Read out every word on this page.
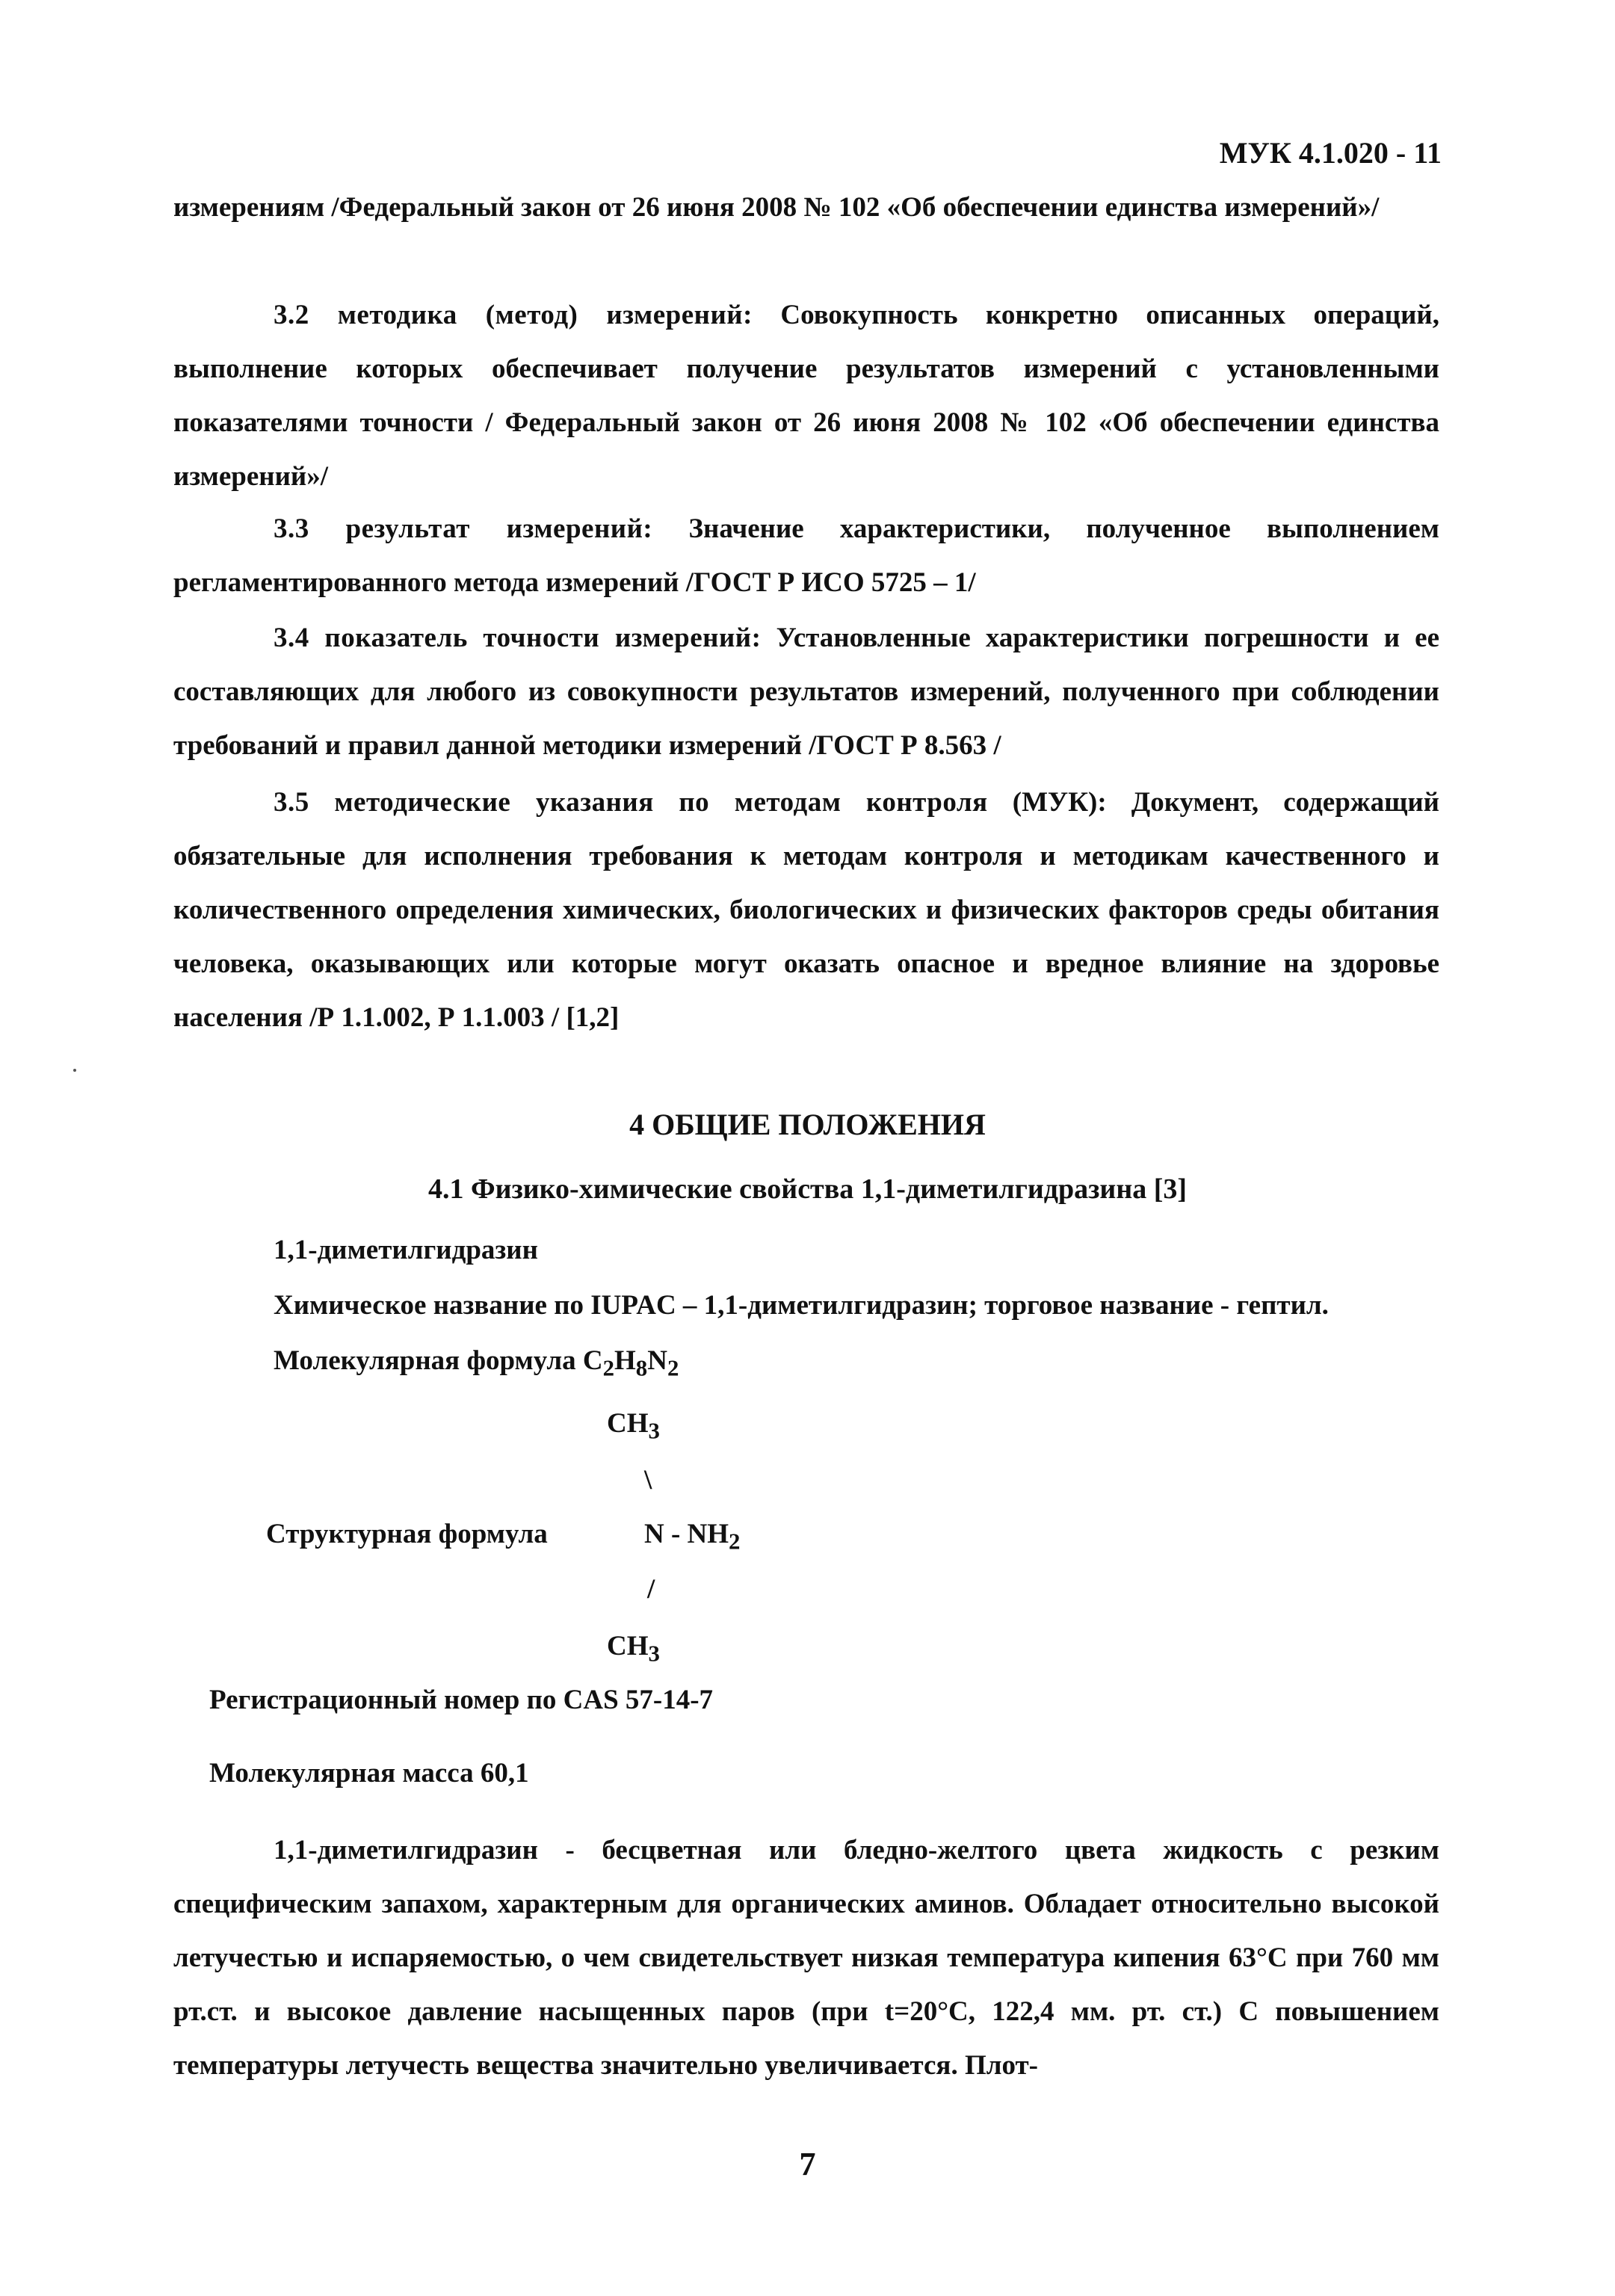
МУК 4.1.020 - 11
измерениям /Федеральный закон от 26 июня 2008 № 102 «Об обеспечении единства измерений»/
3.2 методика (метод) измерений: Совокупность конкретно описанных операций, выполнение которых обеспечивает получение результатов измерений с установленными показателями точности / Федеральный закон от 26 июня 2008 № 102 «Об обеспечении единства измерений»/
3.3 результат измерений: Значение характеристики, полученное выполнением регламентированного метода измерений /ГОСТ Р ИСО 5725 – 1/
3.4 показатель точности измерений: Установленные характеристики погрешности и ее составляющих для любого из совокупности результатов измерений, полученного при соблюдении требований и правил данной методики измерений /ГОСТ Р 8.563 /
3.5 методические указания по методам контроля (МУК): Документ, содержащий обязательные для исполнения требования к методам контроля и методикам качественного и количественного определения химических, биологических и физических факторов среды обитания человека, оказывающих или которые могут оказать опасное и вредное влияние на здоровье населения /Р 1.1.002, Р 1.1.003 / [1,2]
4 ОБЩИЕ ПОЛОЖЕНИЯ
4.1 Физико-химические свойства 1,1-диметилгидразина [3]
1,1-диметилгидразин
Химическое название по IUPAC – 1,1-диметилгидразин; торговое название - гептил.
Молекулярная формула $C_2H_8N_2$
$CH_3$
\
Структурная формула	N - $NH_2$
/
$CH_3$
Регистрационный номер по CAS 57-14-7
Молекулярная масса 60,1
1,1-диметилгидразин - бесцветная или бледно-желтого цвета жидкость с резким специфическим запахом, характерным для органических аминов. Обладает относительно высокой летучестью и испаряемостью, о чем свидетельствует низкая температура кипения 63°С при 760 мм рт.ст. и высокое давление насыщенных паров (при t=20°С, 122,4 мм. рт. ст.) С повышением температуры летучесть вещества значительно увеличивается. Плот-
7
